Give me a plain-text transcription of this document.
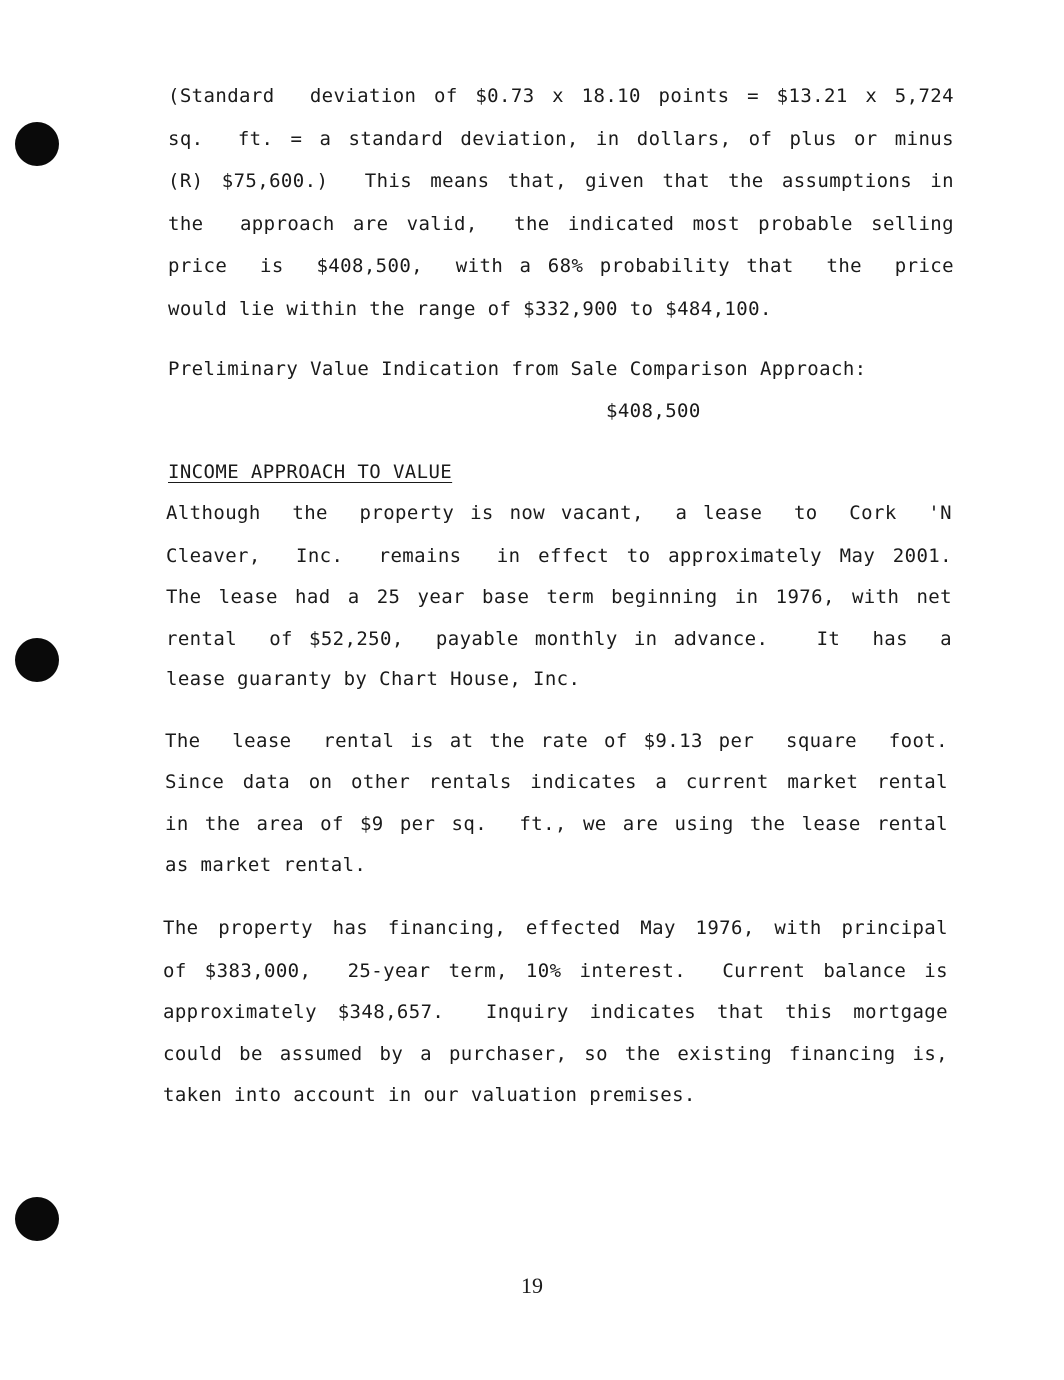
(Standard  deviation of $0.73 x 18.10 points = $13.21 x 5,724
sq.  ft. = a standard deviation, in dollars, of plus or minus
(R) $75,600.)  This means that, given that the assumptions in
the  approach are valid,  the indicated most probable selling
price  is  $408,500,  with a 68% probability that  the  price
would lie within the range of $332,900 to $484,100.
Preliminary Value Indication from Sale Comparison Approach:
$408,500
INCOME APPROACH TO VALUE
Although  the  property is now vacant,  a lease  to  Cork  'N
Cleaver,  Inc.  remains  in effect to approximately May 2001.
The lease had a 25 year base term beginning in 1976, with net
rental  of $52,250,  payable monthly in advance.   It  has  a
lease guaranty by Chart House, Inc.
The  lease  rental is at the rate of $9.13 per  square  foot.
Since data on other rentals indicates a current market rental
in the area of $9 per sq.  ft., we are using the lease rental
as market rental.
The property has financing, effected May 1976, with principal
of $383,000,  25-year term, 10% interest.  Current balance is
approximately $348,657.  Inquiry indicates that this mortgage
could be assumed by a purchaser, so the existing financing is,
taken into account in our valuation premises.
19
